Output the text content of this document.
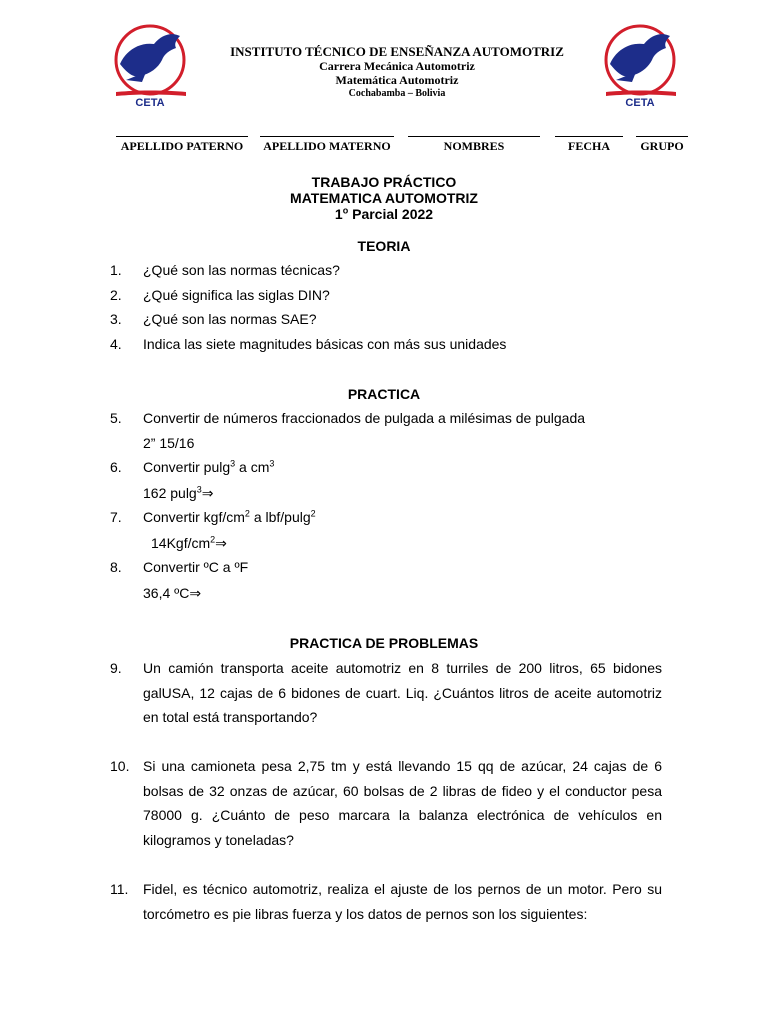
CETA	CETA
INSTITUTO TÉCNICO DE ENSEÑANZA AUTOMOTRIZ
Carrera Mecánica Automotriz
Matemática Automotriz
Cochabamba – Bolivia
APELLIDO PATERNO	APELLIDO MATERNO	NOMBRES	FECHA	GRUPO
TRABAJO PRÁCTICO
MATEMATICA AUTOMOTRIZ
1$^o$ Parcial 2022
TEORIA
1. ¿Qué son las normas técnicas?
2. ¿Qué significa las siglas DIN?
3. ¿Qué son las normas SAE?
4. Indica las siete magnitudes básicas con más sus unidades
PRACTICA
5. Convertir de números fraccionados de pulgada a milésimas de pulgada
2” 15/16
6. Convertir pulg$^3$ a $cm^3$
162 pulg$^3$⇒
7. Convertir kgf/$cm^2$ a lbf/pulg$^2$
$14Kgf/cm^2\Rightarrow$
8. Convertir ºC a ºF
36,4 ºC⇒
PRACTICA DE PROBLEMAS
9. Un camión transporta aceite automotriz en 8 turriles de 200 litros, 65 bidones galUSA, 12 cajas de 6 bidones de cuart. Liq. ¿Cuántos litros de aceite automotriz en total está transportando?
10. Si una camioneta pesa 2,75 tm y está llevando 15 qq de azúcar, 24 cajas de 6 bolsas de 32 onzas de azúcar, 60 bolsas de 2 libras de fideo y el conductor pesa 78000 g. ¿Cuánto de peso marcara la balanza electrónica de vehículos en kilogramos y toneladas?
11. Fidel, es técnico automotriz, realiza el ajuste de los pernos de un motor. Pero su torcómetro es pie libras fuerza y los datos de pernos son los siguientes:
